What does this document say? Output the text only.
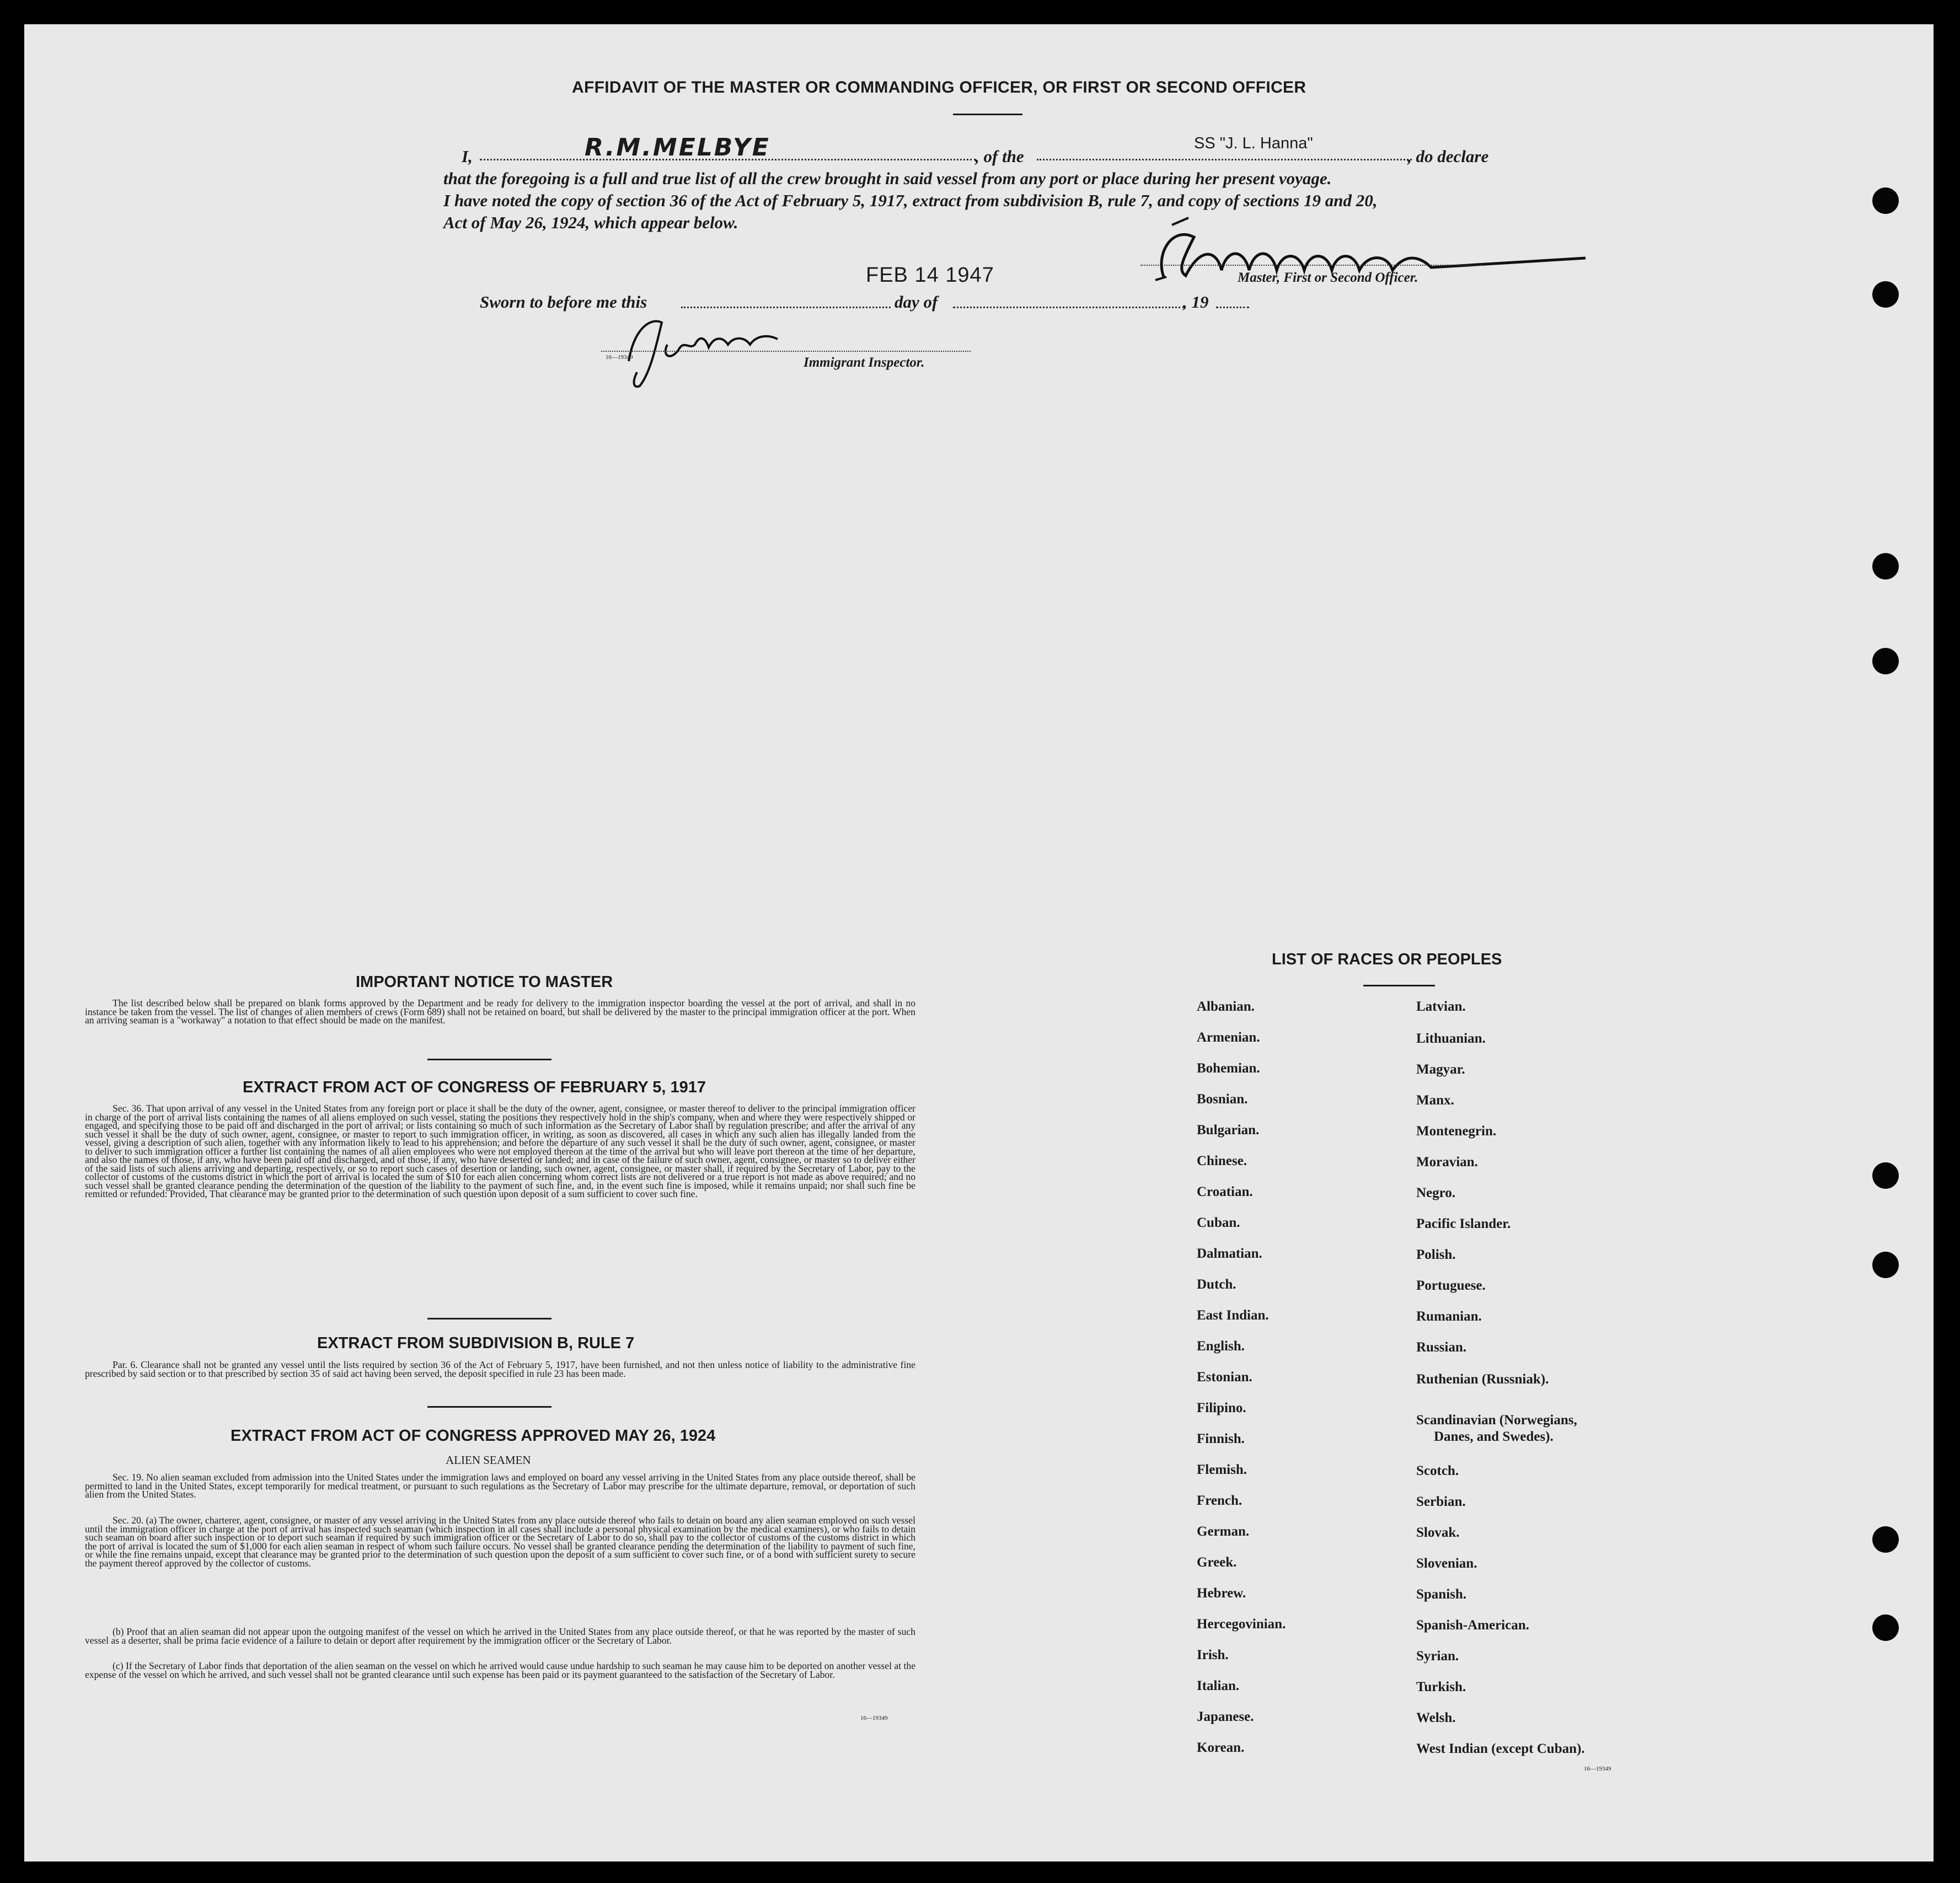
AFFIDAVIT OF THE MASTER OR COMMANDING OFFICER, OR FIRST OR SECOND OFFICER
I,	R.M.MELBYE	, of the
SS "J. L. Hanna"
, do declare
that the foregoing is a full and true list of all the crew brought in said vessel from any port or place during her present voyage.
I have noted the copy of section 36 of the Act of February 5, 1917, extract from subdivision B, rule 7, and copy of sections 19 and 20,
Act of May 26, 1924, which appear below.
Master, First or Second Officer.
FEB 14 1947
Sworn to before me this	day of	, 19
16—19349	Immigrant Inspector.
IMPORTANT NOTICE TO MASTER
The list described below shall be prepared on blank forms approved by the Department and be ready for delivery to the immigration inspector boarding the vessel at the port of arrival, and shall in no instance be taken from the vessel. The list of changes of alien members of crews (Form 689) shall not be retained on board, but shall be delivered by the master to the principal immigration officer at the port. When an arriving seaman is a "workaway" a notation to that effect should be made on the manifest.
EXTRACT FROM ACT OF CONGRESS OF FEBRUARY 5, 1917
Sec. 36. That upon arrival of any vessel in the United States from any foreign port or place it shall be the duty of the owner, agent, consignee, or master thereof to deliver to the principal immigration officer in charge of the port of arrival lists containing the names of all aliens employed on such vessel, stating the positions they respectively hold in the ship's company, when and where they were respectively shipped or engaged, and specifying those to be paid off and discharged in the port of arrival; or lists containing so much of such information as the Secretary of Labor shall by regulation prescribe; and after the arrival of any such vessel it shall be the duty of such owner, agent, consignee, or master to report to such immigration officer, in writing, as soon as discovered, all cases in which any such alien has illegally landed from the vessel, giving a description of such alien, together with any information likely to lead to his apprehension; and before the departure of any such vessel it shall be the duty of such owner, agent, consignee, or master to deliver to such immigration officer a further list containing the names of all alien employees who were not employed thereon at the time of the arrival but who will leave port thereon at the time of her departure, and also the names of those, if any, who have been paid off and discharged, and of those, if any, who have deserted or landed; and in case of the failure of such owner, agent, consignee, or master so to deliver either of the said lists of such aliens arriving and departing, respectively, or so to report such cases of desertion or landing, such owner, agent, consignee, or master shall, if required by the Secretary of Labor, pay to the collector of customs of the customs district in which the port of arrival is located the sum of $10 for each alien concerning whom correct lists are not delivered or a true report is not made as above required; and no such vessel shall be granted clearance pending the determination of the question of the liability to the payment of such fine, and, in the event such fine is imposed, while it remains unpaid; nor shall such fine be remitted or refunded: Provided, That clearance may be granted prior to the determination of such question upon deposit of a sum sufficient to cover such fine.
EXTRACT FROM SUBDIVISION B, RULE 7
Par. 6. Clearance shall not be granted any vessel until the lists required by section 36 of the Act of February 5, 1917, have been furnished, and not then unless notice of liability to the administrative fine prescribed by said section or to that prescribed by section 35 of said act having been served, the deposit specified in rule 23 has been made.
EXTRACT FROM ACT OF CONGRESS APPROVED MAY 26, 1924
ALIEN SEAMEN
Sec. 19. No alien seaman excluded from admission into the United States under the immigration laws and employed on board any vessel arriving in the United States from any place outside thereof, shall be permitted to land in the United States, except temporarily for medical treatment, or pursuant to such regulations as the Secretary of Labor may prescribe for the ultimate departure, removal, or deportation of such alien from the United States.
Sec. 20. (a) The owner, charterer, agent, consignee, or master of any vessel arriving in the United States from any place outside thereof who fails to detain on board any alien seaman employed on such vessel until the immigration officer in charge at the port of arrival has inspected such seaman (which inspection in all cases shall include a personal physical examination by the medical examiners), or who fails to detain such seaman on board after such inspection or to deport such seaman if required by such immigration officer or the Secretary of Labor to do so, shall pay to the collector of customs of the customs district in which the port of arrival is located the sum of $1,000 for each alien seaman in respect of whom such failure occurs. No vessel shall be granted clearance pending the determination of the liability to payment of such fine, or while the fine remains unpaid, except that clearance may be granted prior to the determination of such question upon the deposit of a sum sufficient to cover such fine, or of a bond with sufficient surety to secure the payment thereof approved by the collector of customs.
(b) Proof that an alien seaman did not appear upon the outgoing manifest of the vessel on which he arrived in the United States from any place outside thereof, or that he was reported by the master of such vessel as a deserter, shall be prima facie evidence of a failure to detain or deport after requirement by the immigration officer or the Secretary of Labor.
(c) If the Secretary of Labor finds that deportation of the alien seaman on the vessel on which he arrived would cause undue hardship to such seaman he may cause him to be deported on another vessel at the expense of the vessel on which he arrived, and such vessel shall not be granted clearance until such expense has been paid or its payment guaranteed to the satisfaction of the Secretary of Labor.
16—19349
LIST OF RACES OR PEOPLES
Albanian.
Armenian.
Bohemian.
Bosnian.
Bulgarian.
Chinese.
Croatian.
Cuban.
Dalmatian.
Dutch.
East Indian.
English.
Estonian.
Filipino.
Finnish.
Flemish.
French.
German.
Greek.
Hebrew.
Hercegovinian.
Irish.
Italian.
Japanese.
Korean.
Latvian.
Lithuanian.
Magyar.
Manx.
Montenegrin.
Moravian.
Negro.
Pacific Islander.
Polish.
Portuguese.
Rumanian.
Russian.
Ruthenian (Russniak).
Scandinavian (Norwegians,
Danes, and Swedes).
Scotch.
Serbian.
Slovak.
Slovenian.
Spanish.
Spanish-American.
Syrian.
Turkish.
Welsh.
West Indian (except Cuban).
16—19349
